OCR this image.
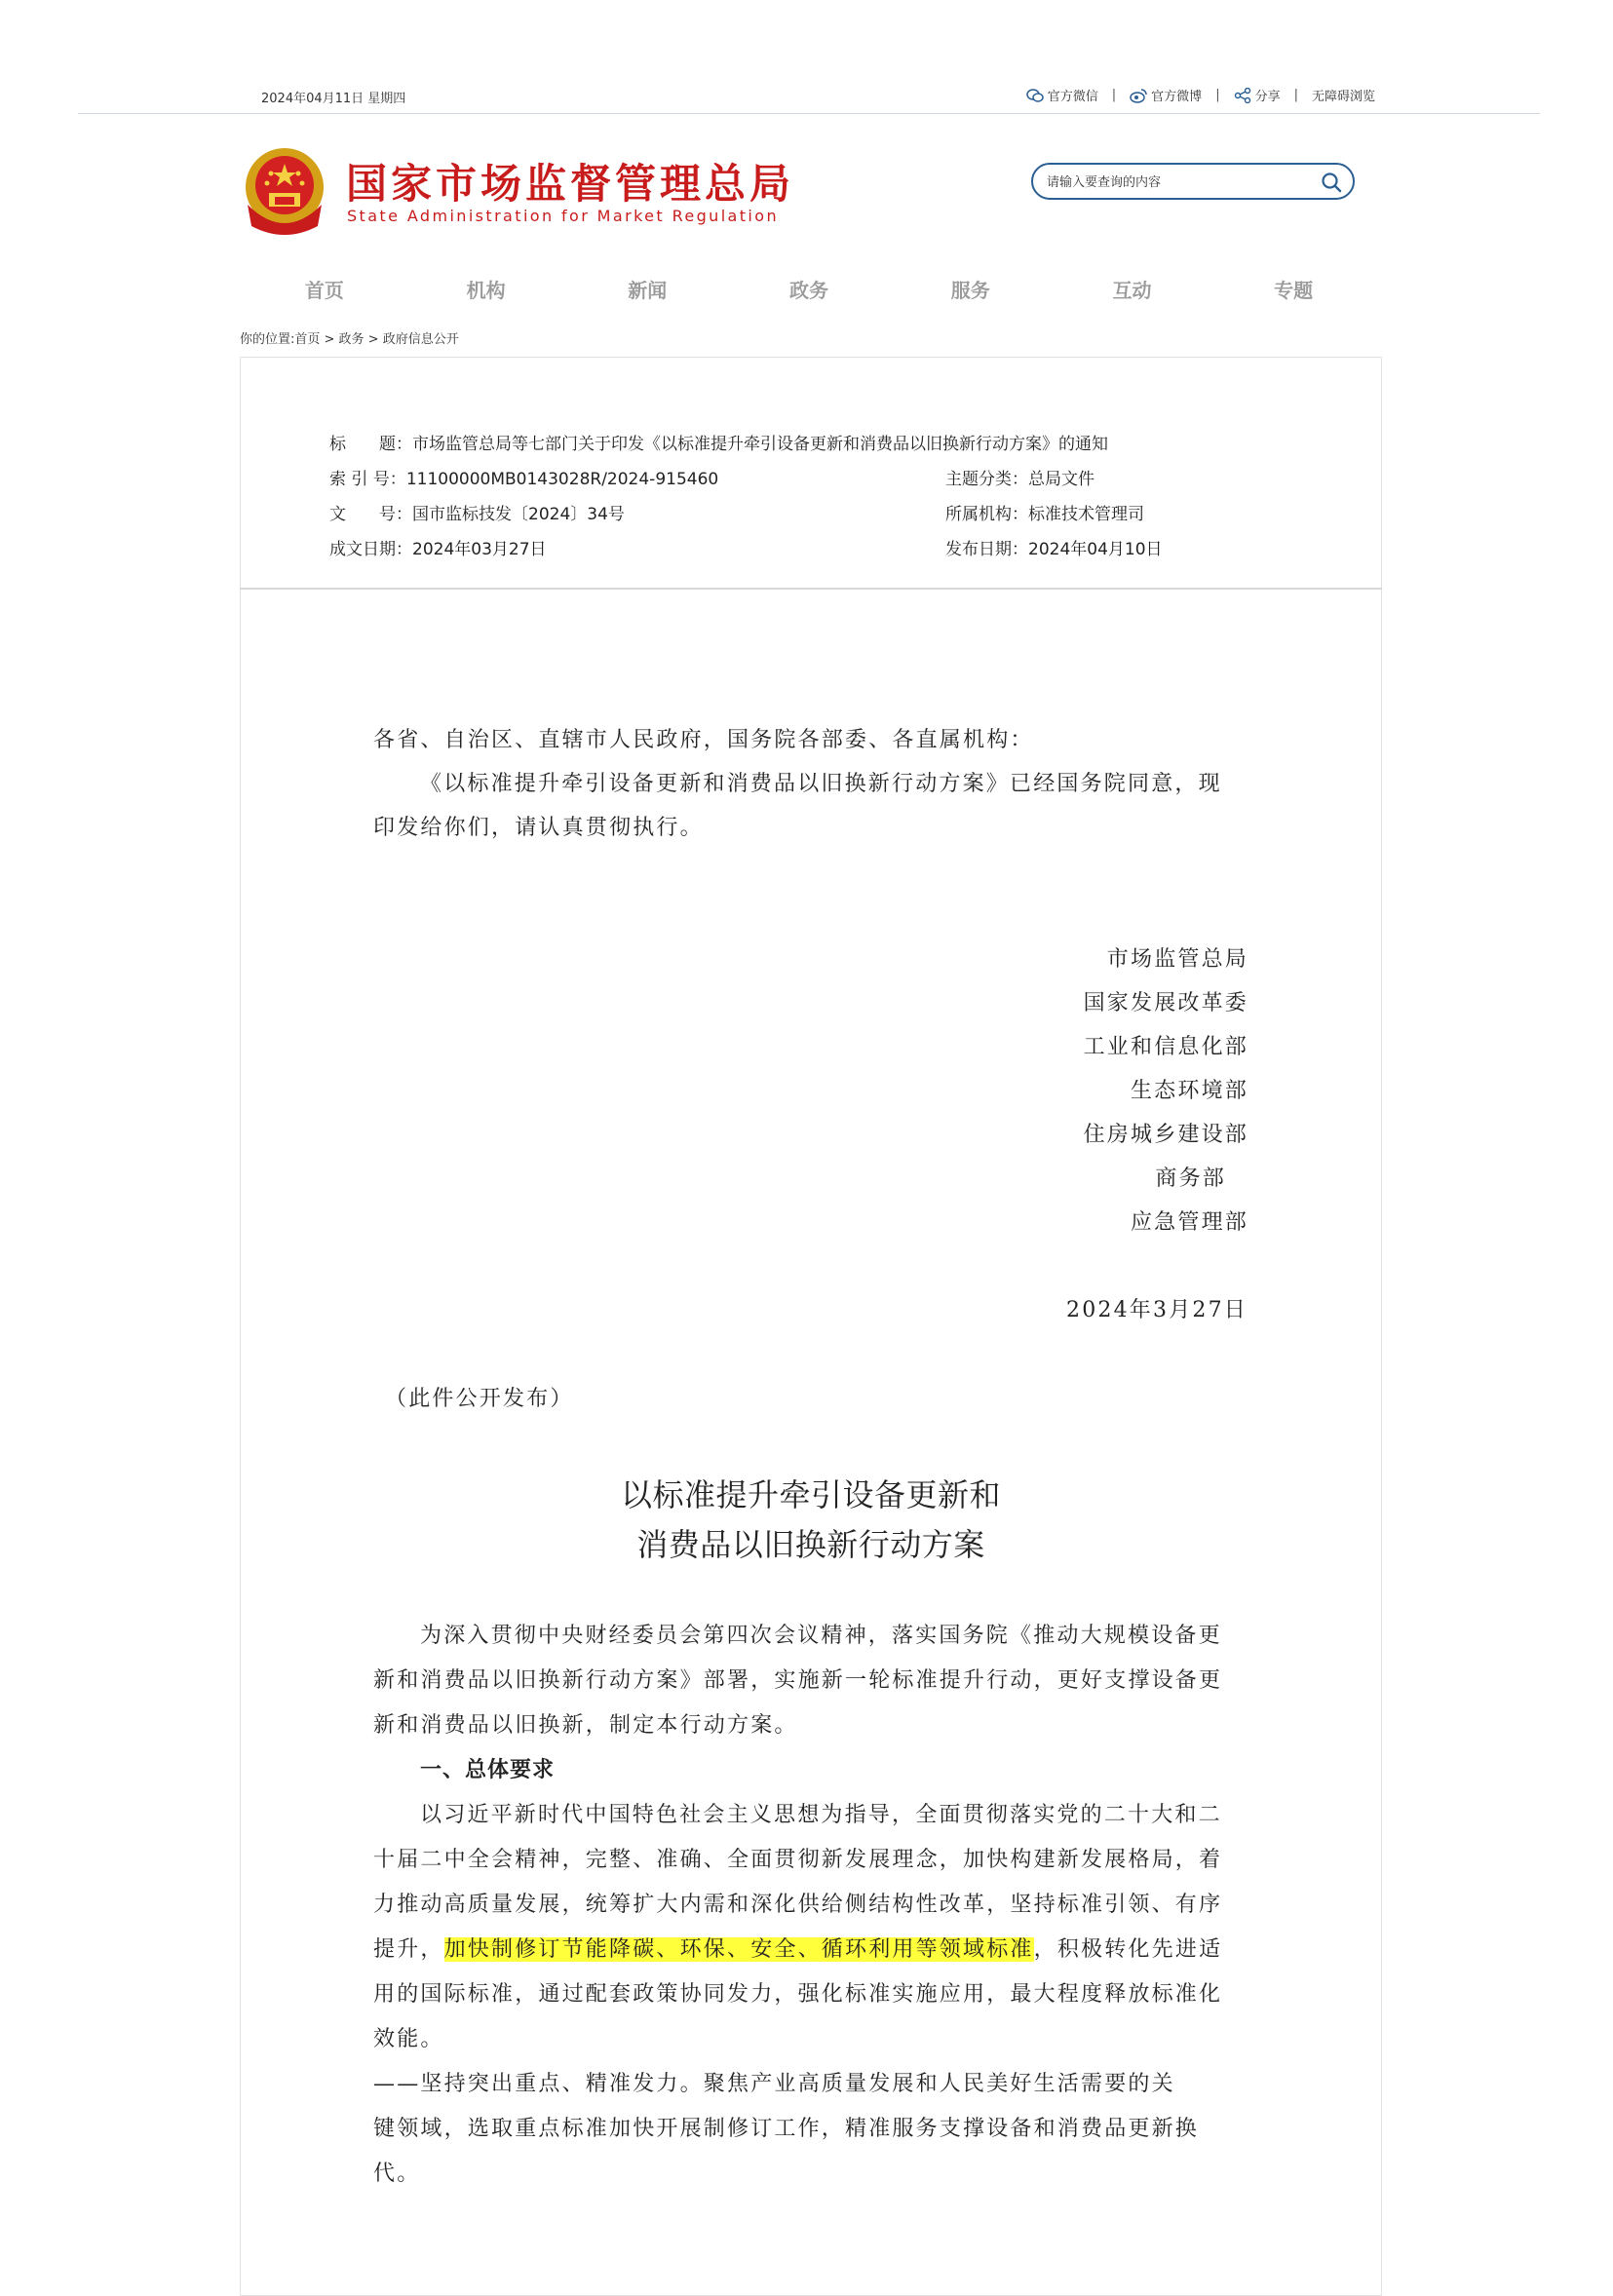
2024年04月11日 星期四	官方微信 |	官方微博 |	分享 | 无障碍浏览
国家市场监督管理总局
State Administration for Market Regulation
请输入要查询的内容
首页	机构	新闻	政务	服务	互动	专题
你的位置:首页 > 政务 > 政府信息公开
标　　题：市场监管总局等七部门关于印发《以标准提升牵引设备更新和消费品以旧换新行动方案》的通知
索 引 号：11100000MB0143028R/2024-915460	主题分类：总局文件
文　　号：国市监标技发〔2024〕34号	所属机构：标准技术管理司
成文日期：2024年03月27日	发布日期：2024年04月10日
各省、自治区、直辖市人民政府，国务院各部委、各直属机构：
《以标准提升牵引设备更新和消费品以旧换新行动方案》已经国务院同意，现
印发给你们，请认真贯彻执行。
市场监管总局
国家发展改革委
工业和信息化部
生态环境部
住房城乡建设部
商务部
应急管理部
2024年3月27日
（此件公开发布）
以标准提升牵引设备更新和
消费品以旧换新行动方案
为深入贯彻中央财经委员会第四次会议精神，落实国务院《推动大规模设备更
新和消费品以旧换新行动方案》部署，实施新一轮标准提升行动，更好支撑设备更
新和消费品以旧换新，制定本行动方案。
一、总体要求
以习近平新时代中国特色社会主义思想为指导，全面贯彻落实党的二十大和二
十届二中全会精神，完整、准确、全面贯彻新发展理念，加快构建新发展格局，着
力推动高质量发展，统筹扩大内需和深化供给侧结构性改革，坚持标准引领、有序
提升，加快制修订节能降碳、环保、安全、循环利用等领域标准，积极转化先进适
用的国际标准，通过配套政策协同发力，强化标准实施应用，最大程度释放标准化
效能。
——坚持突出重点、精准发力。聚焦产业高质量发展和人民美好生活需要的关
键领域，选取重点标准加快开展制修订工作，精准服务支撑设备和消费品更新换
代。
